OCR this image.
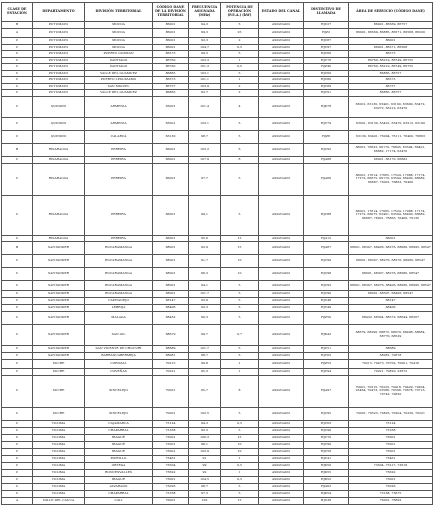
CLASE DE ESTACIÓN	DEPARTAMENTO	DIVISIÓN TERRITORIAL	CÓDIGO DANE DE LA DIVISIÓN TERRITORIAL	FRECUENCIA ASIGNADA (MHz)	POTENCIA DE OPERACIÓN (P.E.A.) (kW)	ESTADO DEL CANAL	DISTINTIVO DE LLAMADA	ÁREA DE SERVICIO (CÓDIGO DANE)
B	PUTUMAYO	MOCOA	86001	94,3	5	ASIGNADO	HJC27	86001, 86569, 86757
A	PUTUMAYO	MOCOA	86001	99,3	25	ASIGNADO	HJZ2	86001, 86569, 86885, 86571, 86568, 86320
C	PUTUMAYO	MOCOA	86001	92,3	2	ASIGNADO	HJC87	86001
C	PUTUMAYO	MOCOA	86001	104,7	0,5	ASIGNADO	HJC97	86001, 86571, 86568
C	PUTUMAYO	PUERTO GUZMÁN	86573	99,3	5	ASIGNADO	HJC66	86573
C	PUTUMAYO	SANTIAGO	86760	103,3	1	ASIGNADO	HJC76	86760, 86219, 86749, 86755
C	PUTUMAYO	SANTIAGO	86760	101,3	0,5	ASIGNADO	HJZ46	86760, 86219, 86749, 86755
C	PUTUMAYO	VALLE DEL GUAMUEZ	86865	103,1	5	ASIGNADO	HJC69	86865, 86757
C	PUTUMAYO	PUERTO LEGUÍZAMO	86573	101,1	1	ASIGNADO	HJC80	86573
C	PUTUMAYO	SAN MIGUEL	86757	103,9	2	ASIGNADO	HJC89	86757
C	PUTUMAYO	VALLE DEL GUAMUEZ	86865	93,7	2	ASIGNADO	HJC91	86865, 86757
C	QUINDÍO	ARMENIA	63001	101,4	4	ASIGNADO	HJK78	63001, 63130, 63401, 63190, 63690, 63472, 63272, 63212, 63470
C	QUINDÍO	ARMENIA	63001	103,1	5	ASIGNADO	HJC79	63001, 63130, 63401, 63470, 63212, 63190
C	QUINDÍO	CALARCÁ	63130	98,7	5	ASIGNADO	HJZ8	63130, 63401, 76004, 76111, 76400, 76863
B	RISARALDA	PEREIRA	66001	103,2	6	ASIGNADO	HJC92	66001, 76622, 66170, 76845, 63594, 66401, 66682, 17174, 63470
C	RISARALDA	PEREIRA	66001	107,9	8	ASIGNADO	HJA88	66001, 66170, 66682
C	RISARALDA	PEREIRA	66001	97,7	5	ASIGNADO	HJA66	66001, 17614, 17665, 17524, 17088, 17174, 17272, 66075, 66170, 63594, 66400, 66682, 66687, 76001, 76863, 76400
C	RISARALDA	PEREIRA	66001	99,1	5	ASIGNADO	HJC88	66001, 17614, 17665, 17524, 17088, 17174, 17272, 66075, 63401, 63594, 66400, 66682, 66687, 76001, 76863, 76400, 76130
C	RISARALDA	PEREIRA	66001	95,6	15	ASIGNADO	HJA15	66001
B	SANTANDER	BUCARAMANGA	68001	92,9	15	ASIGNADO	HJA87	68001, 68307, 68406, 68276, 68080, 68995, 68547
C	SANTANDER	BUCARAMANGA	68001	91,7	10	ASIGNADO	HJC99	68001, 68307, 68276, 68276, 68080, 68547
C	SANTANDER	BUCARAMANGA	68001	96,3	10	ASIGNADO	HJC98	68001, 68307, 68276, 68080, 68547
C	SANTANDER	BUCARAMANGA	68001	94,1	5	ASIGNADO	HJC93	68001, 68307, 68276, 68406, 68080, 68995, 68547
C	SANTANDER	BUCARAMANGA	68001	101,7	5	ASIGNADO	HJC90	68001, 68307, 68406, 68547
C	SANTANDER	CAPITANEJO	68147	93,9	5	ASIGNADO	HJC48	68147
C	SANTANDER	LEBRIJA	68406	92,3	5	ASIGNADO	HJC49	68406
C	SANTANDER	MÁLAGA	68432	90,3	5	ASIGNADO	HJZ50	68432, 68304, 68572, 68644, 68207
C	SANTANDER	SAN GIL	68679	99,7	0,7	ASIGNADO	HJK42	68679, 68296, 68872, 68079, 68498, 68684, 68770, 68529
C	SANTANDER	SAN VICENTE DE CHUCURÍ	68689	101,7	5	ASIGNADO	HJC51	68689
C	SANTANDER	BARRANCABERMEJA	68081	98,7	5	ASIGNADO	HJC62	68081, 70678
C	SUCRE	COROZAL	70215	99,8	1	ASIGNADO	HJZ53	70215, 70473, 70702, 70001, 70418
C	SUCRE	COVEÑAS	70221	95,3	1	ASIGNADO	HJC94	70221, 70820, 23672
C	SUCRE	SINCELEJO	70001	95,7	8	ASIGNADO	HJA97	70001, 70215, 70223, 70418, 70429, 70204, 23464, 70473, 23586, 70508, 70678, 70713, 70742, 70820
C	SUCRE	SINCELEJO	70001	102,5	5	ASIGNADO	HJC95	70001, 70523, 70823, 70204, 70230, 70221
C	TOLIMA	CAJAMARCA	73124	94,3	0,5	ASIGNADO	HJC63	73124
C	TOLIMA	CHAPARRAL	73168	92,3	5	ASIGNADO	HJC96	73168
C	TOLIMA	IBAGUÉ	73001	100,3	15	ASIGNADO	HJC70	73001
C	TOLIMA	IBAGUÉ	73001	98,1	10	ASIGNADO	HJC90	73001
C	TOLIMA	IBAGUÉ	73001	102,9	10	ASIGNADO	HJC58	73001
C	TOLIMA	MURILLO	73461	91	1	ASIGNADO	HJC41	73461
C	TOLIMA	ORTEGA	73504	99	0,5	ASIGNADO	HJK50	73504, 73217, 73616
C	TOLIMA	RONCESVALLES	73622	92	1	ASIGNADO	HJK55	73622
C	TOLIMA	IBAGUÉ	73001	104,5	0,5	ASIGNADO	HJK52	73001
C	TOLIMA	ALVARADO	73026	98,7	5	ASIGNADO	HJA62	73026
C	TOLIMA	CHAPARRAL	73168	97,3	5	ASIGNADO	HJK54	73168, 73675
A	VALLE DEL CAUCA	CALI	76001	102	15	ASIGNADO	HJU38	76001, 76892
